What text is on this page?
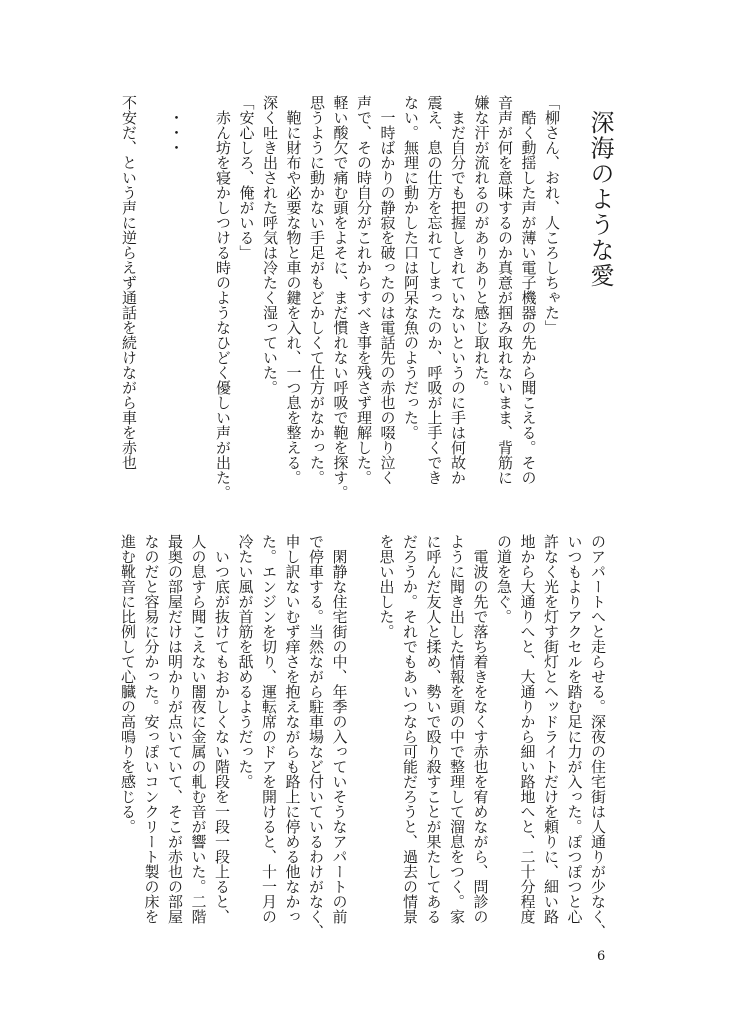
深海のような愛
「柳さん、おれ、人ころしちゃた」
　酷く動揺した声が薄い電子機器の先から聞こえる。その
音声が何を意味するのか真意が掴み取れないまま、背筋に
嫌な汗が流れるのがありありと感じ取れた。
　まだ自分でも把握しきれていないというのに手は何故か
震え、息の仕方を忘れてしまったのか、呼吸が上手くでき
ない。無理に動かした口は阿呆な魚のようだった。
　一時ばかりの静寂を破ったのは電話先の赤也の啜り泣く
声で、その時自分がこれからすべき事を残さず理解した。
軽い酸欠で痛む頭をよそに、まだ慣れない呼吸で鞄を探す。
思うように動かない手足がもどかしくて仕方がなかった。
　鞄に財布や必要な物と車の鍵を入れ、一つ息を整える。
深く吐き出された呼気は冷たく湿っていた。
「安心しろ、俺がいる」
　赤ん坊を寝かしつける時のようなひどく優しい声が出た。
　・・・
不安だ、という声に逆らえず通話を続けながら車を赤也
のアパートへと走らせる。深夜の住宅街は人通りが少なく、
いつもよりアクセルを踏む足に力が入った。ぽつぽつと心
許なく光を灯す街灯とヘッドライトだけを頼りに、細い路
地から大通りへと、大通りから細い路地へと、二十分程度
の道を急ぐ。
　電波の先で落ち着きをなくす赤也を宥めながら、問診の
ように聞き出した情報を頭の中で整理して溜息をつく。家
に呼んだ友人と揉め、勢いで殴り殺すことが果たしてある
だろうか。それでもあいつなら可能だろうと、過去の情景
を思い出した。
　閑静な住宅街の中、年季の入っていそうなアパートの前
で停車する。当然ながら駐車場など付いているわけがなく、
申し訳ないむず痒さを抱えながらも路上に停める他なかっ
た。エンジンを切り、運転席のドアを開けると、十一月の
冷たい風が首筋を舐めるようだった。
　いつ底が抜けてもおかしくない階段を一段一段上ると、
人の息すら聞こえない闇夜に金属の軋む音が響いた。二階
最奥の部屋だけは明かりが点いていて、そこが赤也の部屋
なのだと容易に分かった。安っぽいコンクリート製の床を
進む靴音に比例して心臓の高鳴りを感じる。
6
